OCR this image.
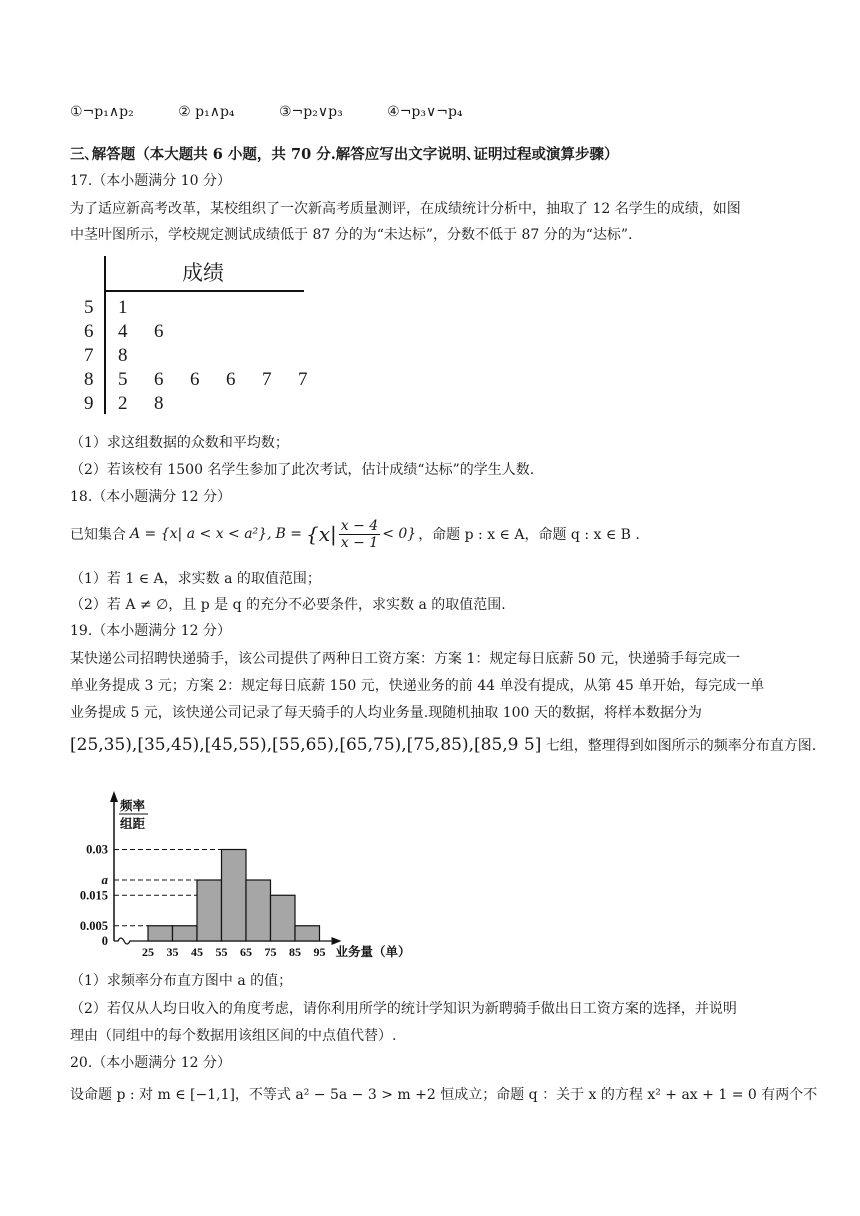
①¬p₁∧p₂	② p₁∧p₄	③¬p₂∨p₃	④¬p₃∨¬p₄
三､解答题（本大题共 6 小题，共 70 分.解答应写出文字说明､证明过程或演算步骤）
17.（本小题满分 10 分）
为了适应新高考改革，某校组织了一次新高考质量测评，在成绩统计分析中，抽取了 12 名学生的成绩，如图
中茎叶图所示，学校规定测试成绩低于 87 分的为“未达标”，分数不低于 87 分的为“达标”.
成绩
5 1
6 4 6
7 8
8 5 6 6 6 7 7
9 2 8
（1）求这组数据的众数和平均数；
（2）若该校有 1500 名学生参加了此次考试，估计成绩“达标”的学生人数.
18.（本小题满分 12 分）
已知集合 A = {x| a < x < a²}, $B = \{x| \frac{x - 4}{x - 1} < 0\}$ ，命题 p : x ∈ A，命题 q : x ∈ B .
（1）若 1 ∈ A，求实数 a 的取值范围；
（2）若 A ≠ ∅，且 p 是 q 的充分不必要条件，求实数 a 的取值范围.
19.（本小题满分 12 分）
某快递公司招聘快递骑手，该公司提供了两种日工资方案：方案 1：规定每日底薪 50 元，快递骑手每完成一
单业务提成 3 元；方案 2：规定每日底薪 150 元，快递业务的前 44 单没有提成，从第 45 单开始，每完成一单
业务提成 5 元，该快递公司记录了每天骑手的人均业务量.现随机抽取 100 天的数据，将样本数据分为
[25,35),[35,45),[45,55),[55,65),[65,75),[75,85),[85,9 5] 七组，整理得到如图所示的频率分布直方图.
0.03
a
0.015
0.005
0
25 35 45 55 65 75 85 95
频率
组距
业务量（单）
（1）求频率分布直方图中 a 的值；
（2）若仅从人均日收入的角度考虑，请你利用所学的统计学知识为新聘骑手做出日工资方案的选择，并说明
理由（同组中的每个数据用该组区间的中点值代替）.
20.（本小题满分 12 分）
设命题 p : 对 m ∈ [−1,1]，不等式 a² − 5a − 3 > m +2 恒成立；命题 q ：关于 x 的方程 x² + ax + 1 = 0 有两个不
